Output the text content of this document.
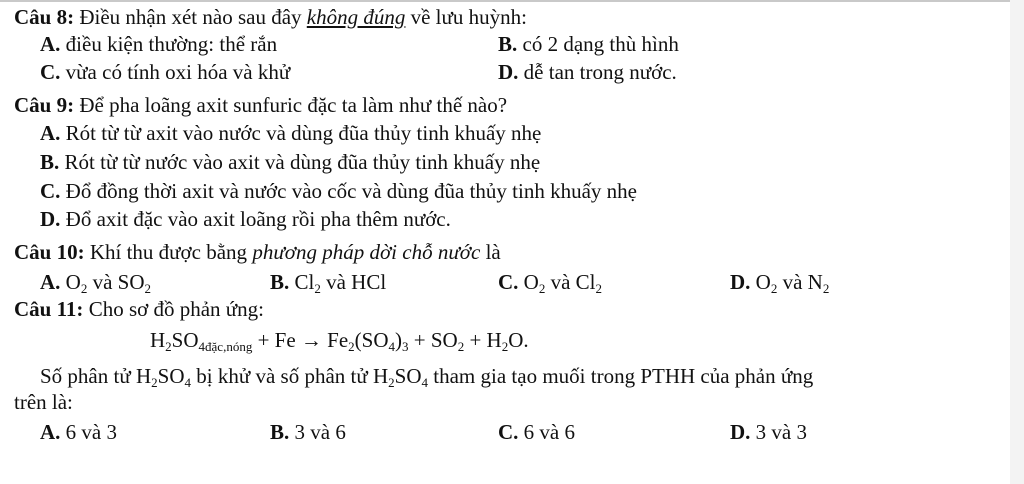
Câu 8: Điều nhận xét nào sau đây không đúng về lưu huỳnh:
A. điều kiện thường: thể rắn	B. có 2 dạng thù hình
C. vừa có tính oxi hóa và khử	D. dễ tan trong nước.
Câu 9: Để pha loãng axit sunfuric đặc ta làm như thế nào?
A. Rót từ từ axit vào nước và dùng đũa thủy tinh khuấy nhẹ
B. Rót từ từ nước vào axit và dùng đũa thủy tinh khuấy nhẹ
C. Đổ đồng thời axit và nước vào cốc và dùng đũa thủy tinh khuấy nhẹ
D. Đổ axit đặc vào axit loãng rồi pha thêm nước.
Câu 10: Khí thu được bằng phương pháp dời chỗ nước là
A. $O_2$ và $SO_2$	B. $Cl_2$ và HCl	C. $O_2$ và $Cl_2$	D. $O_2$ và $N_2$
Câu 11: Cho sơ đồ phản ứng:
$H_2SO_{4đặc,nóng} + Fe \to Fe_2(SO_4)_3 + SO_2 + H_2O$.
Số phân tử $H_2SO_4$ bị khử và số phân tử $H_2SO_4$ tham gia tạo muối trong PTHH của phản ứng
trên là:
A. 6 và 3	B. 3 và 6	C. 6 và 6	D. 3 và 3
